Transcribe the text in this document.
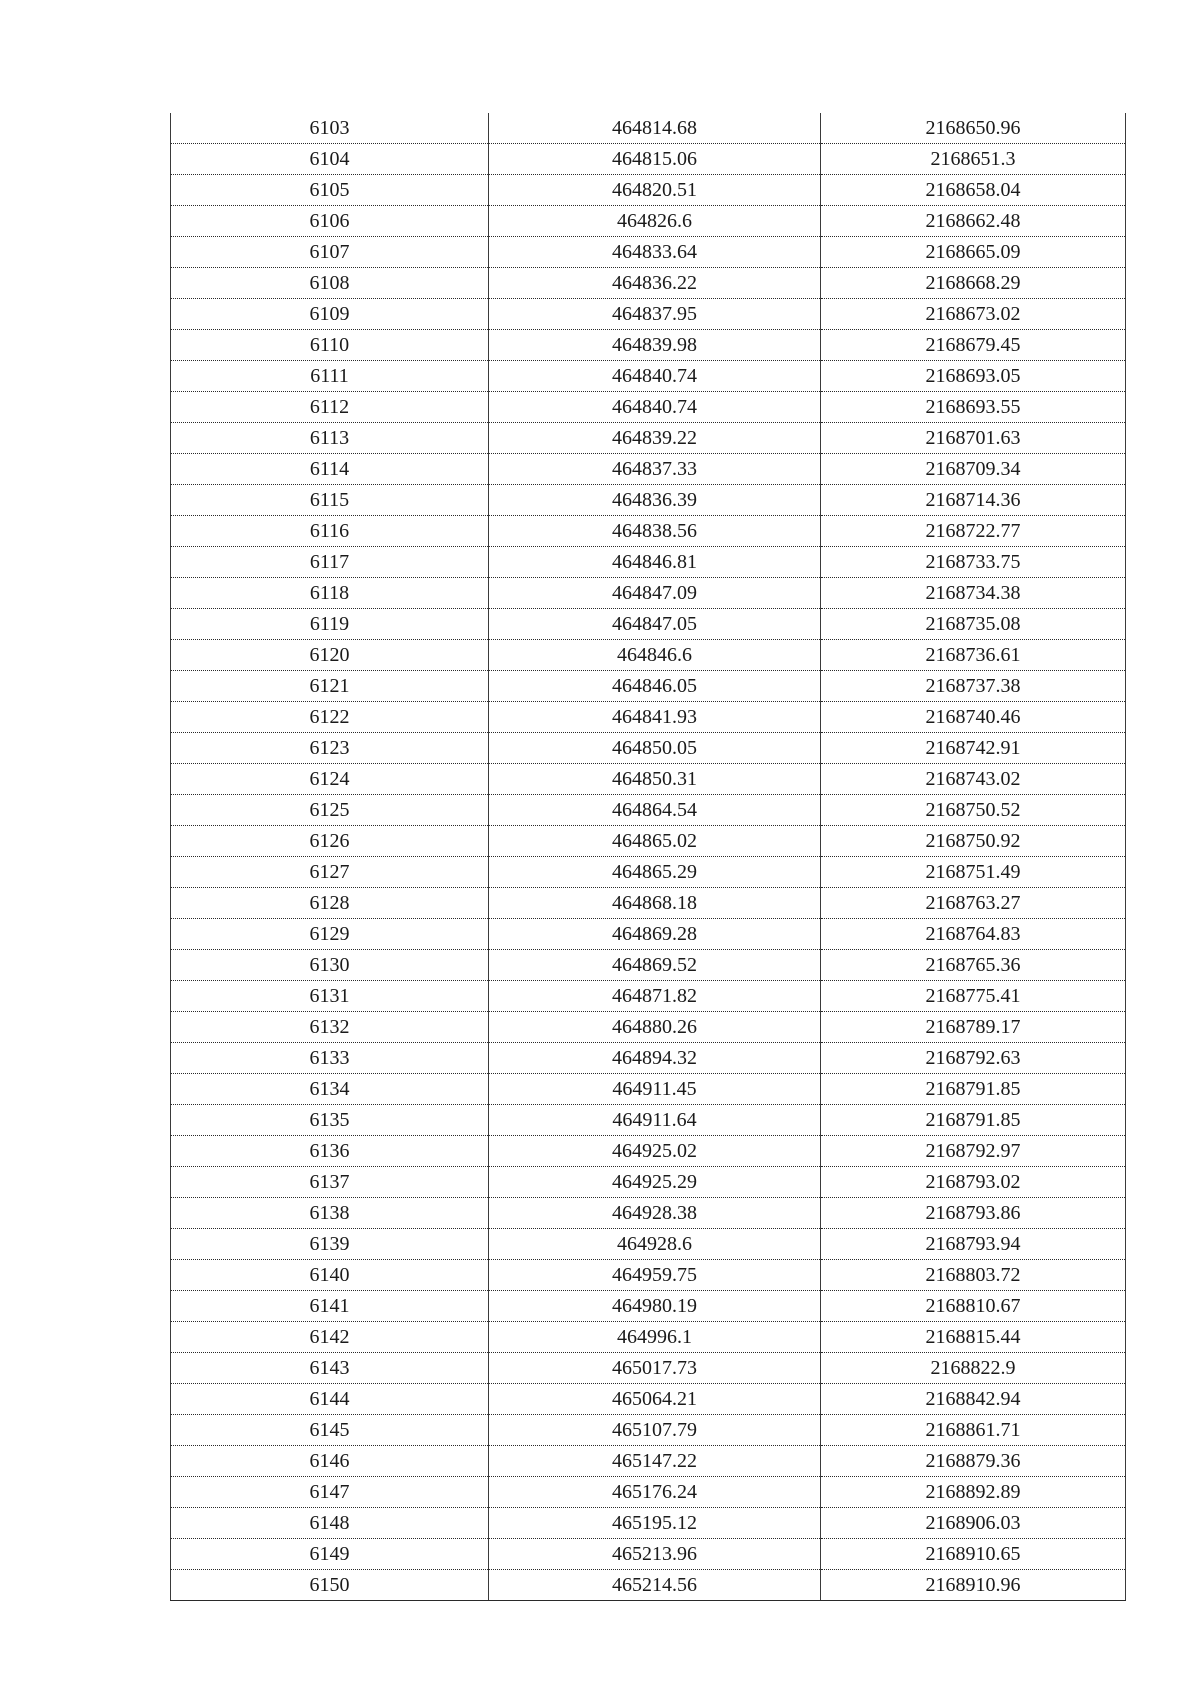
6103	464814.68	2168650.96
6104	464815.06	2168651.3
6105	464820.51	2168658.04
6106	464826.6	2168662.48
6107	464833.64	2168665.09
6108	464836.22	2168668.29
6109	464837.95	2168673.02
6110	464839.98	2168679.45
6111	464840.74	2168693.05
6112	464840.74	2168693.55
6113	464839.22	2168701.63
6114	464837.33	2168709.34
6115	464836.39	2168714.36
6116	464838.56	2168722.77
6117	464846.81	2168733.75
6118	464847.09	2168734.38
6119	464847.05	2168735.08
6120	464846.6	2168736.61
6121	464846.05	2168737.38
6122	464841.93	2168740.46
6123	464850.05	2168742.91
6124	464850.31	2168743.02
6125	464864.54	2168750.52
6126	464865.02	2168750.92
6127	464865.29	2168751.49
6128	464868.18	2168763.27
6129	464869.28	2168764.83
6130	464869.52	2168765.36
6131	464871.82	2168775.41
6132	464880.26	2168789.17
6133	464894.32	2168792.63
6134	464911.45	2168791.85
6135	464911.64	2168791.85
6136	464925.02	2168792.97
6137	464925.29	2168793.02
6138	464928.38	2168793.86
6139	464928.6	2168793.94
6140	464959.75	2168803.72
6141	464980.19	2168810.67
6142	464996.1	2168815.44
6143	465017.73	2168822.9
6144	465064.21	2168842.94
6145	465107.79	2168861.71
6146	465147.22	2168879.36
6147	465176.24	2168892.89
6148	465195.12	2168906.03
6149	465213.96	2168910.65
6150	465214.56	2168910.96
